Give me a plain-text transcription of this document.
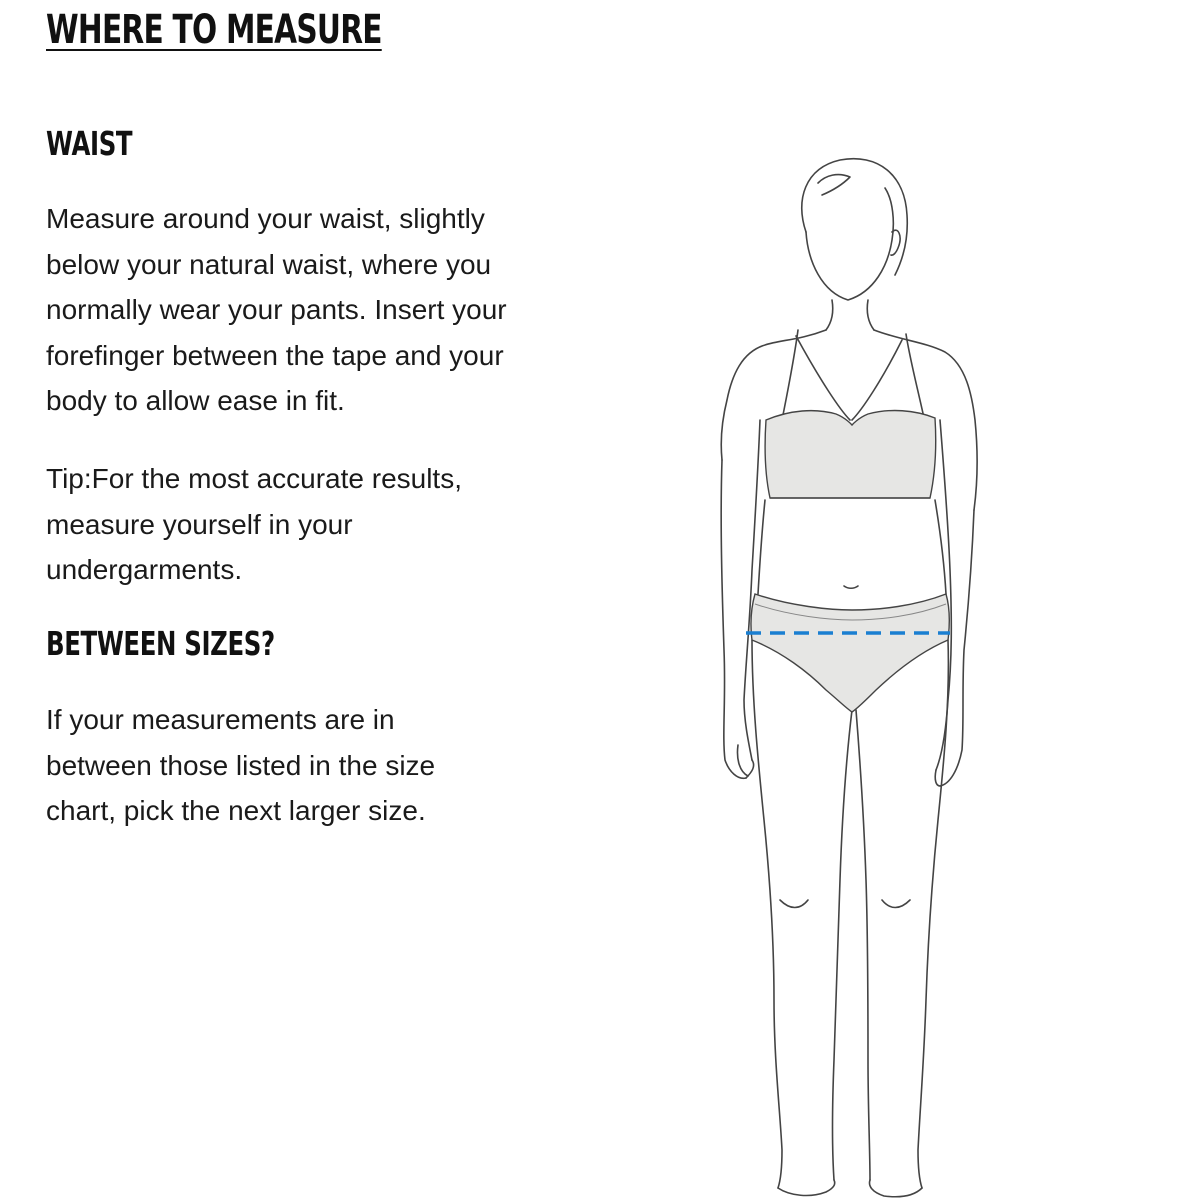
WHERE TO MEASURE
WAIST

Measure around your waist, slightly below your natural waist, where you normally wear your pants. Insert your forefinger between the tape and your body to allow ease in fit.

Tip:For the most accurate results, measure yourself in your undergarments.

BETWEEN SIZES?

If your measurements are in between those listed in the size chart, pick the next larger size.
